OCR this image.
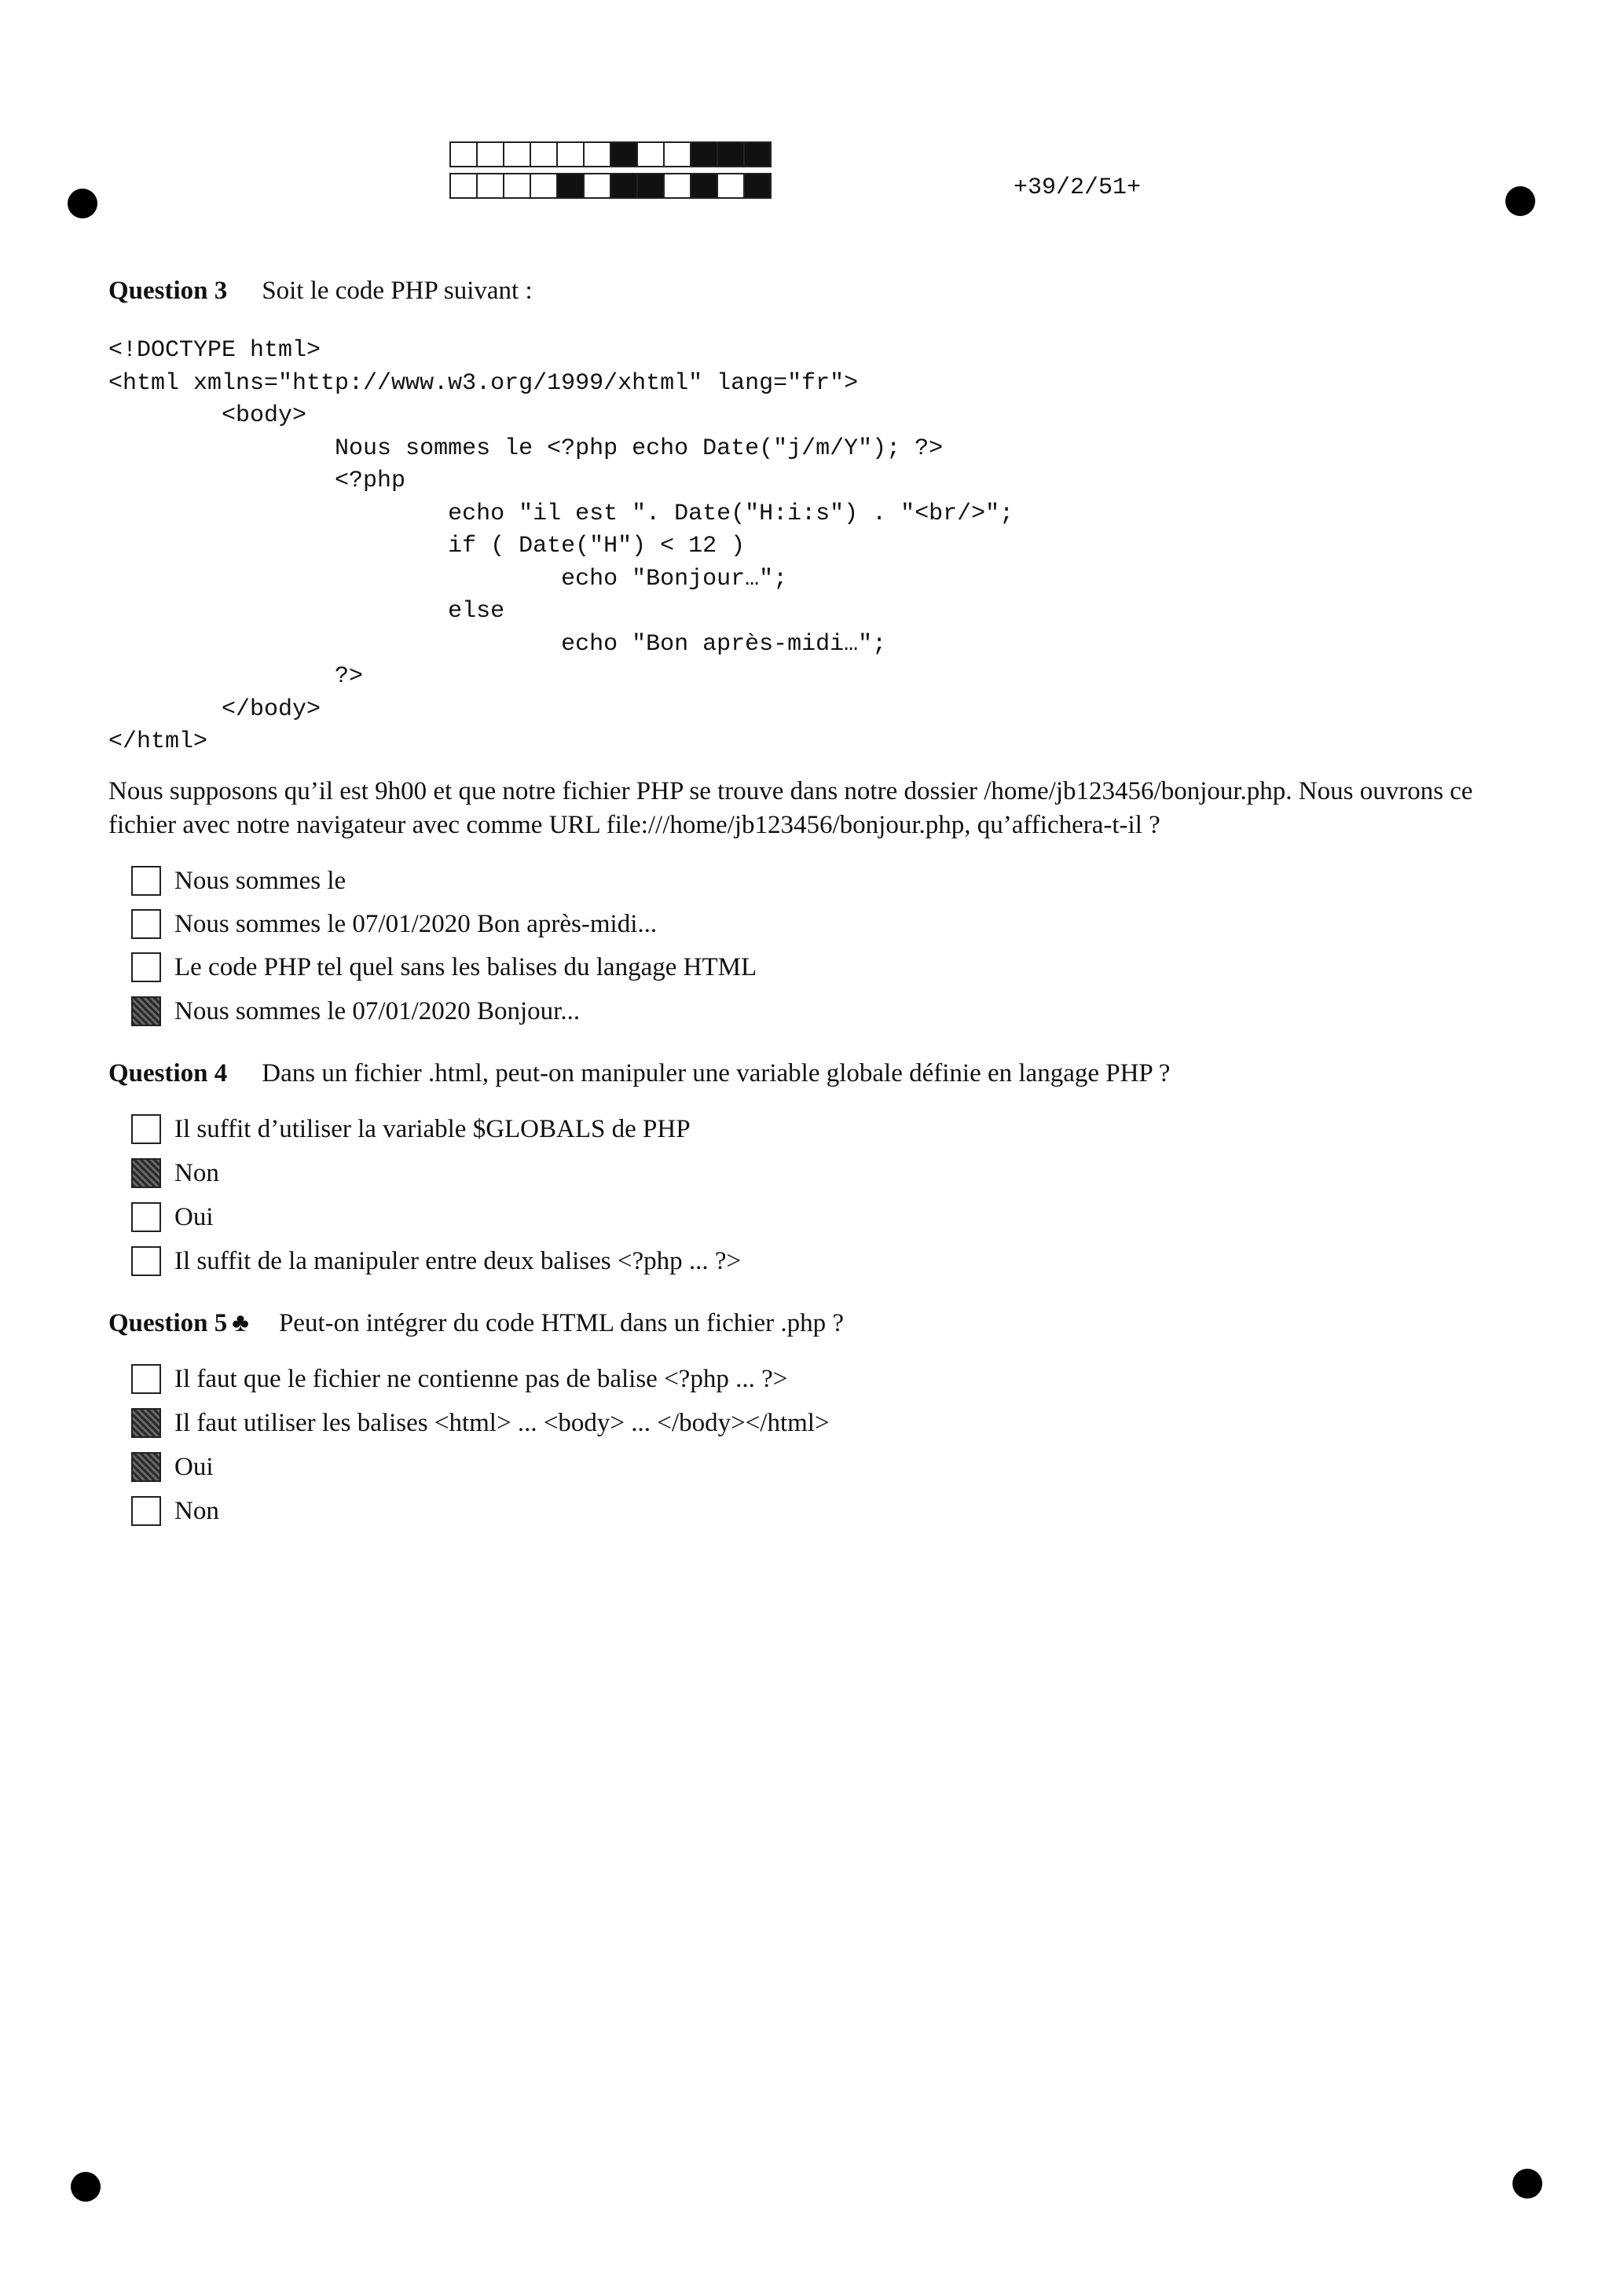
+39/2/51+
Question 3 Soit le code PHP suivant :
<!DOCTYPE html>
<html xmlns="http://www.w3.org/1999/xhtml" lang="fr">
<body>
Nous sommes le <?php echo Date("j/m/Y"); ?>
<?php
echo "il est ". Date("H:i:s") . "<br/>";
if ( Date("H") < 12 )
echo "Bonjour…";
else
echo "Bon après-midi…";
?>
</body>
</html>
Nous supposons qu’il est 9h00 et que notre fichier PHP se trouve dans notre dossier /home/jb123456/bonjour.php. Nous ouvrons ce fichier avec notre navigateur avec comme URL file:///home/jb123456/bonjour.php, qu’affichera-t-il ?
Nous sommes le
Nous sommes le 07/01/2020 Bon après-midi...
Le code PHP tel quel sans les balises du langage HTML
Nous sommes le 07/01/2020 Bonjour...
Question 4 Dans un fichier .html, peut-on manipuler une variable globale définie en langage PHP ?
Il suffit d’utiliser la variable $GLOBALS de PHP
Non
Oui
Il suffit de la manipuler entre deux balises <?php ... ?>
Question 5 ♣ Peut-on intégrer du code HTML dans un fichier .php ?
Il faut que le fichier ne contienne pas de balise <?php ... ?>
Il faut utiliser les balises <html> ... <body> ... </body></html>
Oui
Non
